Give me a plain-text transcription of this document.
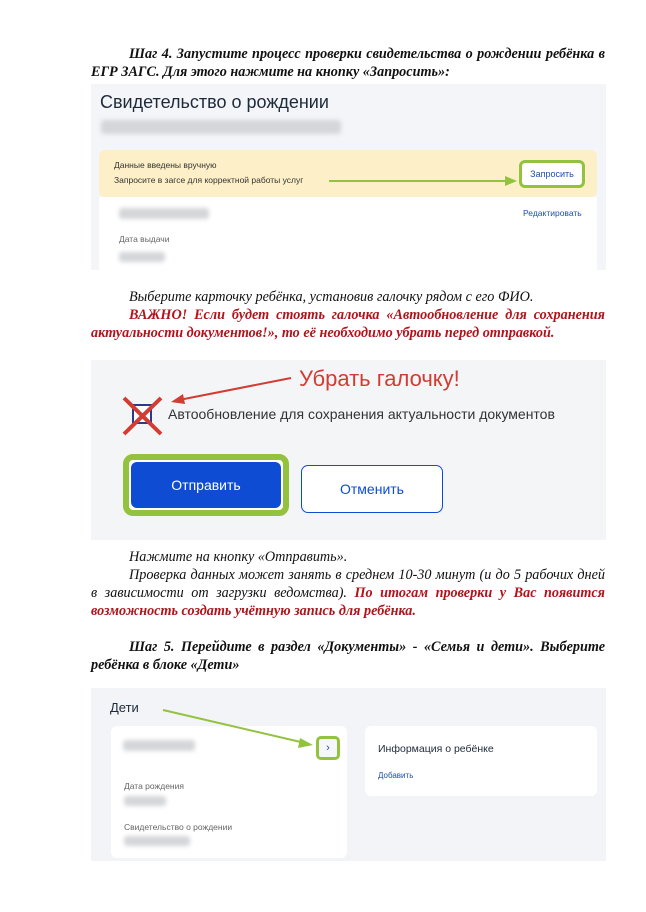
Шаг 4. Запустите процесс проверки свидетельства о рождении ребёнка в ЕГР ЗАГС. Для этого нажмите на кнопку «Запросить»:

Свидетельство о рождении
Данные введены вручную
Запросите в загсе для корректной работы услуг
Запросить
Редактировать
Дата выдачи

Выберите карточку ребёнка, установив галочку рядом с его ФИО.

ВАЖНО! Если будет стоять галочка «Автообновление для сохранения актуальности документов!», то её необходимо убрать перед отправкой.

Убрать галочку!
Автообновление для сохранения актуальности документов
Отправить	Отменить

Нажмите на кнопку «Отправить».

Проверка данных может занять в среднем 10-30 минут (и до 5 рабочих дней в зависимости от загрузки ведомства). По итогам проверки у Вас появится возможность создать учётную запись для ребёнка.

Шаг 5. Перейдите в раздел «Документы» - «Семья и дети». Выберите ребёнка в блоке «Дети»

Дети
›
Дата рождения
Свидетельство о рождении
Информация о ребёнке
Добавить
